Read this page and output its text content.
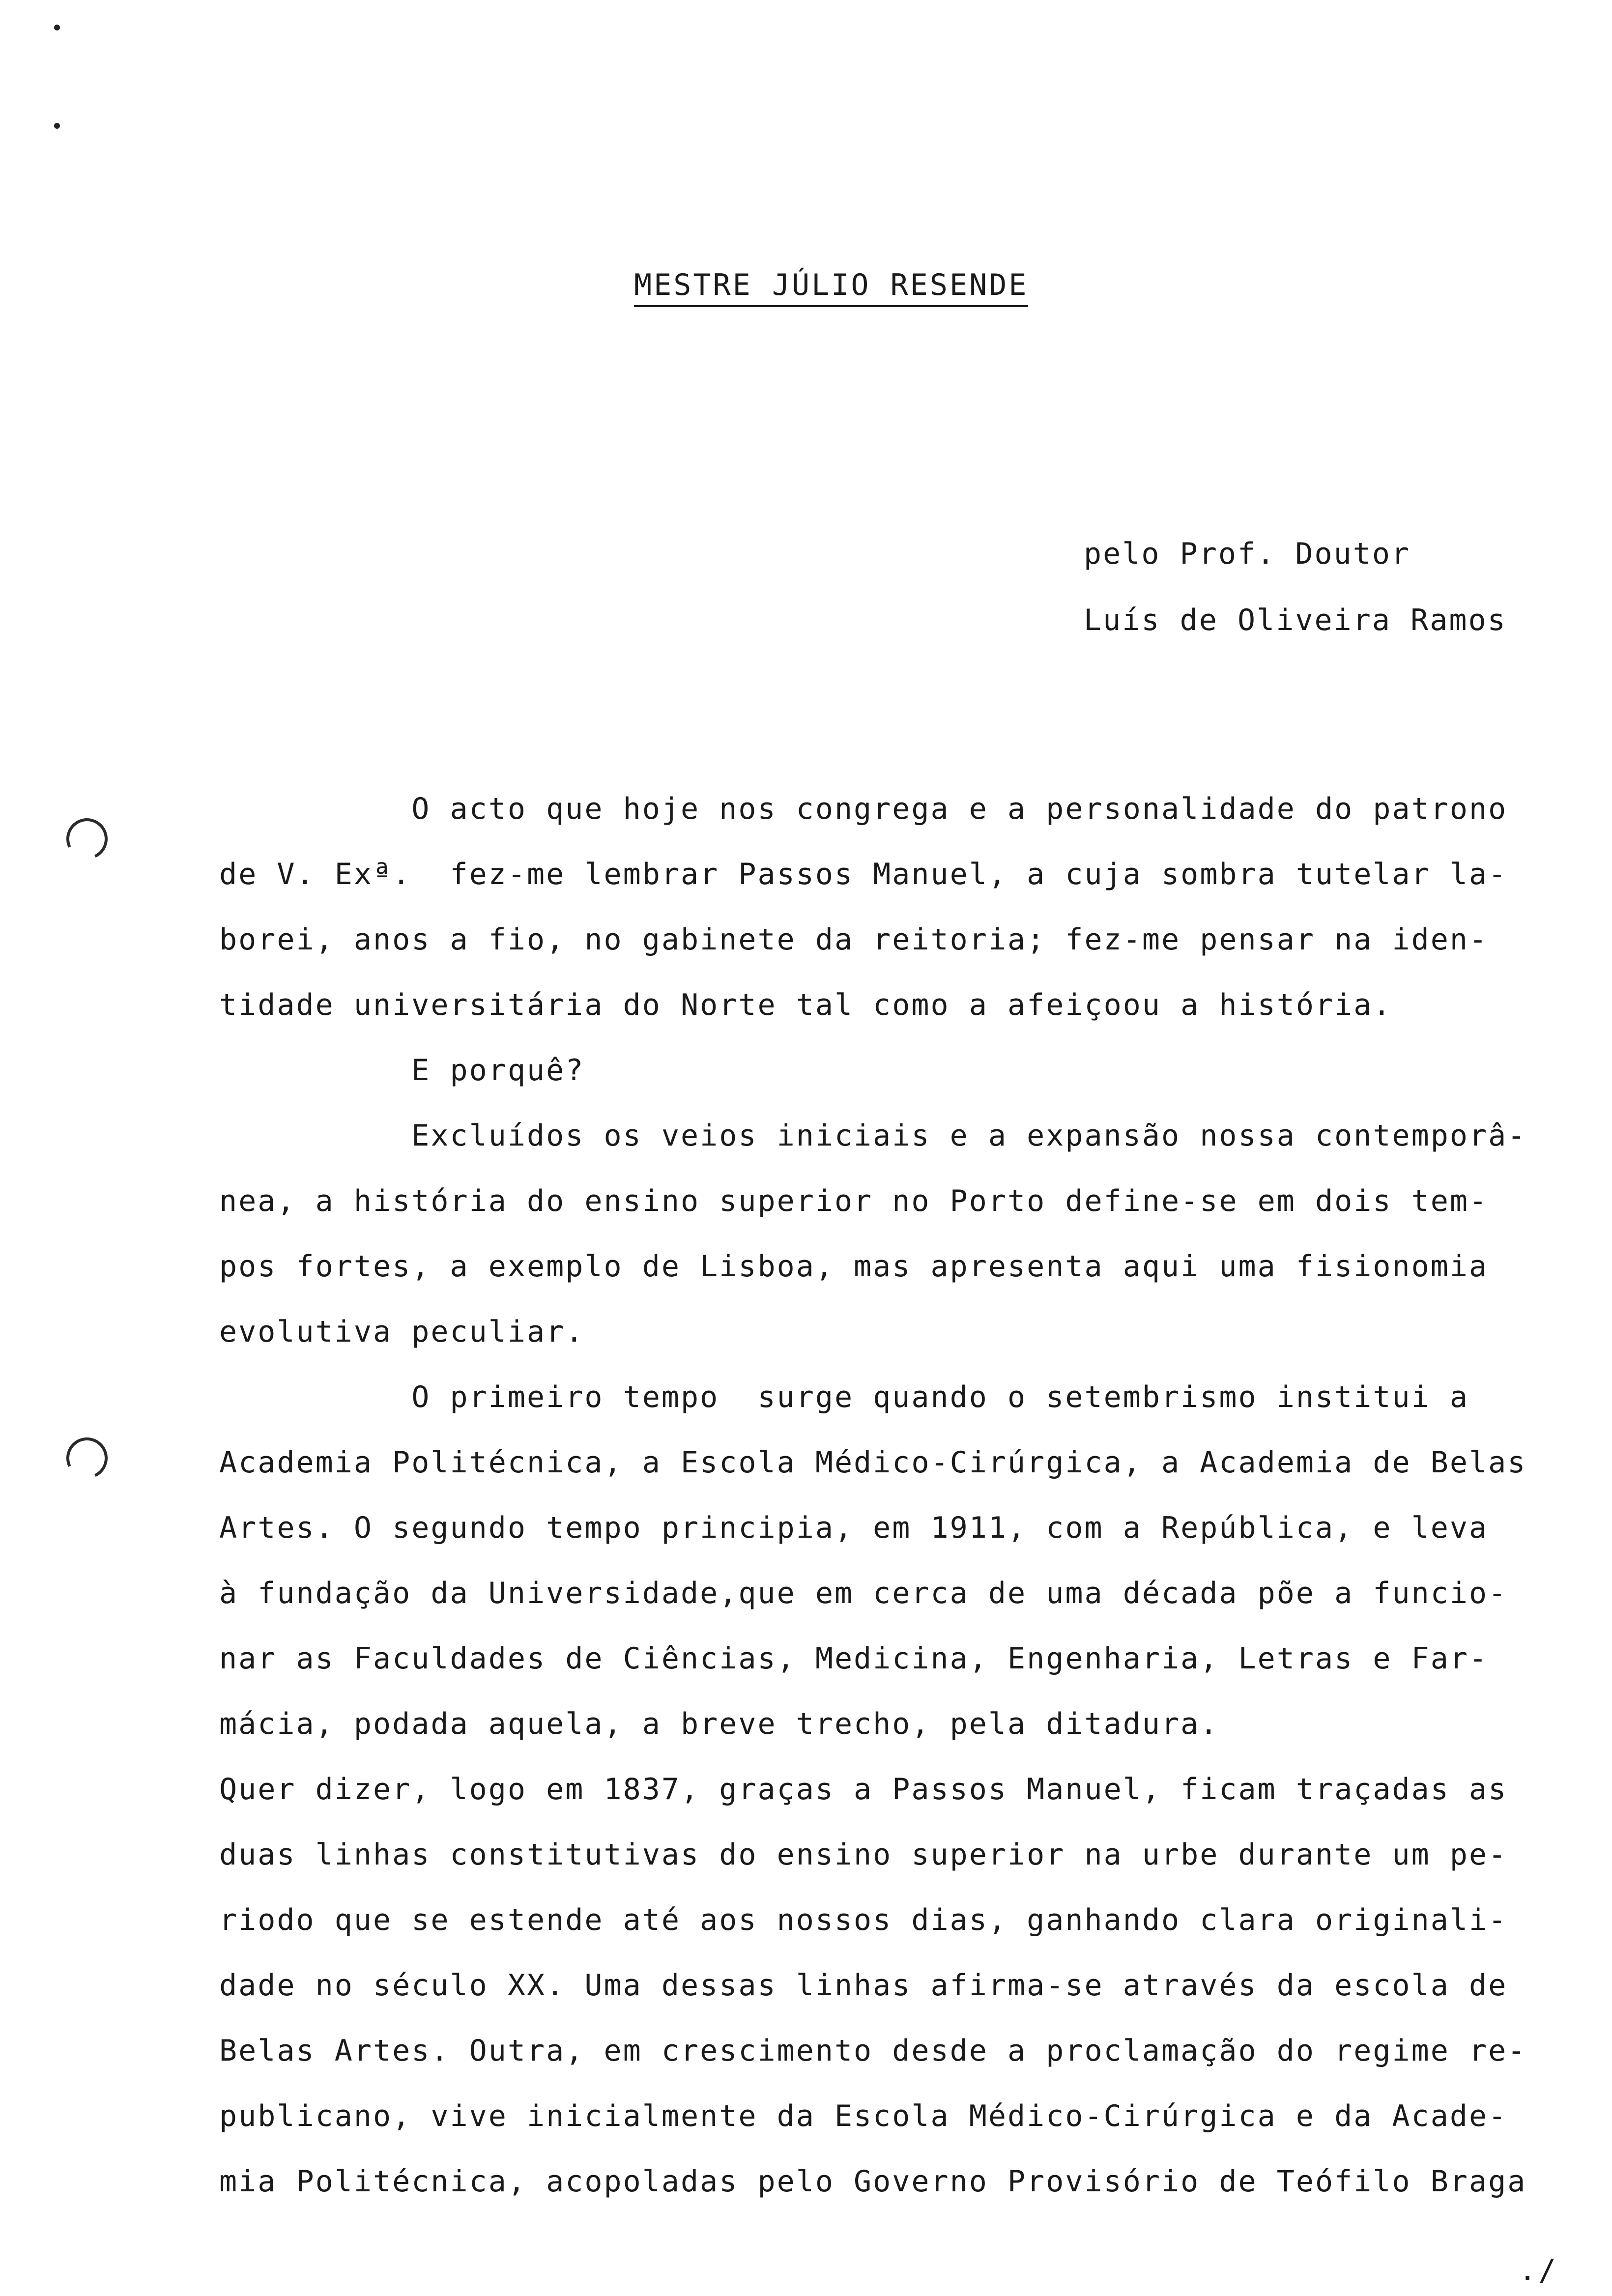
MESTRE JÚLIO RESENDE
pelo Prof. Doutor
Luís de Oliveira Ramos
O acto que hoje nos congrega e a personalidade do patrono
de V. Exª.  fez-me lembrar Passos Manuel, a cuja sombra tutelar la-
borei, anos a fio, no gabinete da reitoria; fez-me pensar na iden-
tidade universitária do Norte tal como a afeiçoou a história.
E porquê?
Excluídos os veios iniciais e a expansão nossa contemporâ-
nea, a história do ensino superior no Porto define-se em dois tem-
pos fortes, a exemplo de Lisboa, mas apresenta aqui uma fisionomia
evolutiva peculiar.
O primeiro tempo  surge quando o setembrismo institui a
Academia Politécnica, a Escola Médico-Cirúrgica, a Academia de Belas
Artes. O segundo tempo principia, em 1911, com a República, e leva
à fundação da Universidade,que em cerca de uma década põe a funcio-
nar as Faculdades de Ciências, Medicina, Engenharia, Letras e Far-
mácia, podada aquela, a breve trecho, pela ditadura.
Quer dizer, logo em 1837, graças a Passos Manuel, ficam traçadas as
duas linhas constitutivas do ensino superior na urbe durante um pe-
riodo que se estende até aos nossos dias, ganhando clara originali-
dade no século XX. Uma dessas linhas afirma-se através da escola de
Belas Artes. Outra, em crescimento desde a proclamação do regime re-
publicano, vive inicialmente da Escola Médico-Cirúrgica e da Acade-
mia Politécnica, acopoladas pelo Governo Provisório de Teófilo Braga
./
